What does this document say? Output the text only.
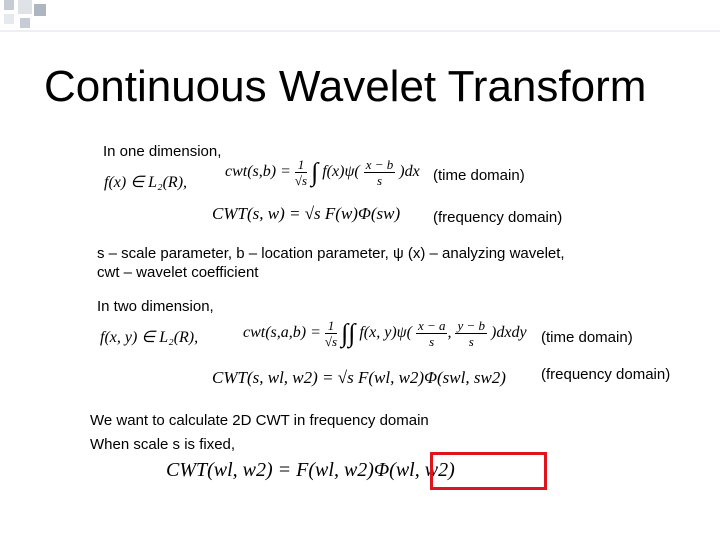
Continuous Wavelet Transform
In one dimension,
f(x) ∈ L₂(R),
$cwt(s,b) = \frac{1}{√s}$ ∫ $f(x)\psi( \frac{x - b}{s} )dx$ (time domain)
CWT(s, w) = √s F(w)Φ(sw) (frequency domain)
s – scale parameter, b – location parameter, ψ (x) – analyzing wavelet,
cwt – wavelet coefficient
In two dimension,
f(x, y) ∈ L₂(R),	$cwt(s,a,b) = \frac{1}{√s}$ ∫∫ f(x, $y)\psi( \frac{x - a}{s}$ , $\frac{y - b}{s}$ )dxdy (time domain)
CWT(s, wl, w2) = √s F(wl, w2)Φ(swl, sw2) (frequency domain)
We want to calculate 2D CWT in frequency domain
When scale s is fixed,
CWT(wl, w2) = F(wl, w2)Φ(wl, w2)
